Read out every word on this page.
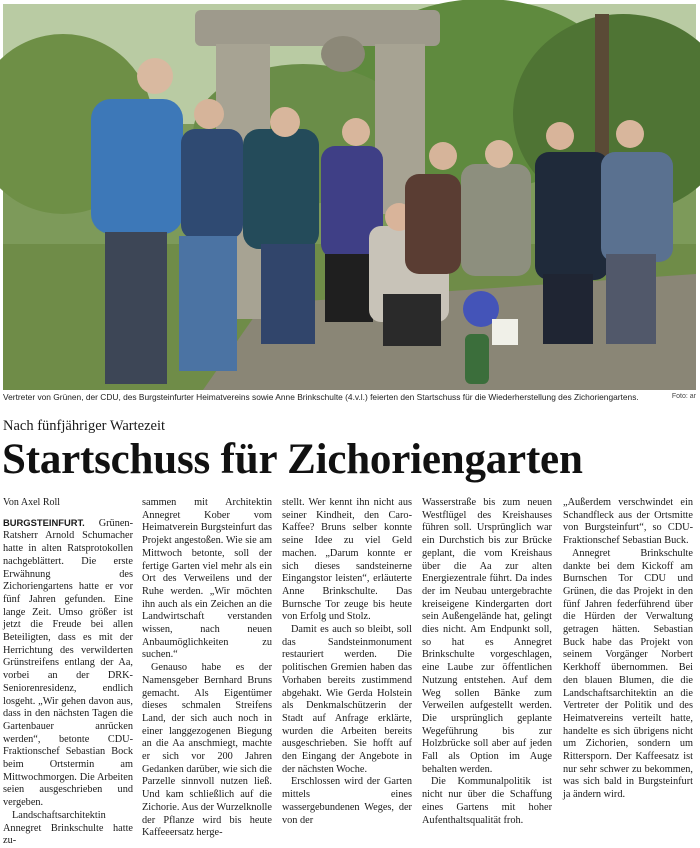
Vertreter von Grünen, der CDU, des Burgsteinfurter Heimatvereins sowie Anne Brinkschulte (4.v.l.) feierten den Startschuss für die Wiederherstellung des Zichoriengartens.	Foto: ar
Nach fünfjähriger Wartezeit
Startschuss für Zichoriengarten
Von Axel Roll

BURGSTEINFURT. Grünen-Ratsherr Arnold Schumacher hatte in alten Ratsprotokollen nachgeblättert. Die erste Erwähnung des Zichoriengartens hatte er vor fünf Jahren gefunden. Eine lange Zeit. Umso größer ist jetzt die Freude bei allen Beteiligten, dass es mit der Herrichtung des verwilderten Grünstreifens entlang der Aa, vorbei an der DRK-Seniorenresidenz, endlich losgeht. „Wir gehen davon aus, dass in den nächsten Tagen die Gartenbauer anrücken werden“, betonte CDU-Fraktionschef Sebastian Bock beim Ortstermin am Mittwochmorgen. Die Arbeiten seien ausgeschrieben und vergeben.

Landschaftsarchitektin Annegret Brinkschulte hatte zu-

sammen mit Architektin Annegret Kober vom Heimatverein Burgsteinfurt das Projekt angestoßen. Wie sie am Mittwoch betonte, soll der fertige Garten viel mehr als ein Ort des Verweilens und der Ruhe werden. „Wir möchten ihn auch als ein Zeichen an die Landwirtschaft verstanden wissen, nach neuen Anbaumöglichkeiten zu suchen.“

Genauso habe es der Namensgeber Bernhard Bruns gemacht. Als Eigentümer dieses schmalen Streifens Land, der sich auch noch in einer langgezogenen Biegung an die Aa anschmiegt, machte er sich vor 200 Jahren Gedanken darüber, wie sich die Parzelle sinnvoll nutzen ließ. Und kam schließlich auf die Zichorie. Aus der Wurzelknolle der Pflanze wird bis heute Kaffeeersatz herge-

stellt. Wer kennt ihn nicht aus seiner Kindheit, den Caro-Kaffee? Bruns selber konnte seine Idee zu viel Geld machen. „Darum konnte er sich dieses sandsteinerne Eingangstor leisten“, erläuterte Anne Brinkschulte. Das Burnsche Tor zeuge bis heute von Erfolg und Stolz.

Damit es auch so bleibt, soll das Sandsteinmonument restauriert werden. Die politischen Gremien haben das Vorhaben bereits zustimmend abgehakt. Wie Gerda Holstein als Denkmalschützerin der Stadt auf Anfrage erklärte, wurden die Arbeiten bereits ausgeschrieben. Sie hofft auf den Eingang der Angebote in der nächsten Woche.

Erschlossen wird der Garten mittels eines wassergebundenen Weges, der von der

Wasserstraße bis zum neuen Westflügel des Kreishauses führen soll. Ursprünglich war ein Durchstich bis zur Brücke geplant, die vom Kreishaus über die Aa zur alten Energiezentrale führt. Da indes der im Neubau untergebrachte kreiseigene Kindergarten dort sein Außengelände hat, gelingt dies nicht. Am Endpunkt soll, so hat es Annegret Brinkschulte vorgeschlagen, eine Laube zur öffentlichen Nutzung entstehen. Auf dem Weg sollen Bänke zum Verweilen aufgestellt werden. Die ursprünglich geplante Wegeführung bis zur Holzbrücke soll aber auf jeden Fall als Option im Auge behalten werden.

Die Kommunalpolitik ist nicht nur über die Schaffung eines Gartens mit hoher Aufenthaltsqualität froh.

„Außerdem verschwindet ein Schandfleck aus der Ortsmitte von Burgsteinfurt“, so CDU-Fraktionschef Sebastian Buck.

Annegret Brinkschulte dankte bei dem Kickoff am Burnschen Tor CDU und Grünen, die das Projekt in den fünf Jahren federführend über die Hürden der Verwaltung getragen hätten. Sebastian Buck habe das Projekt von seinem Vorgänger Norbert Kerkhoff übernommen. Bei den blauen Blumen, die die Landschaftsarchitektin an die Vertreter der Politik und des Heimatvereins verteilt hatte, handelte es sich übrigens nicht um Zichorien, sondern um Rittersporn. Der Kaffeesatz ist nur sehr schwer zu bekommen, was sich bald in Burgsteinfurt ja ändern wird.
